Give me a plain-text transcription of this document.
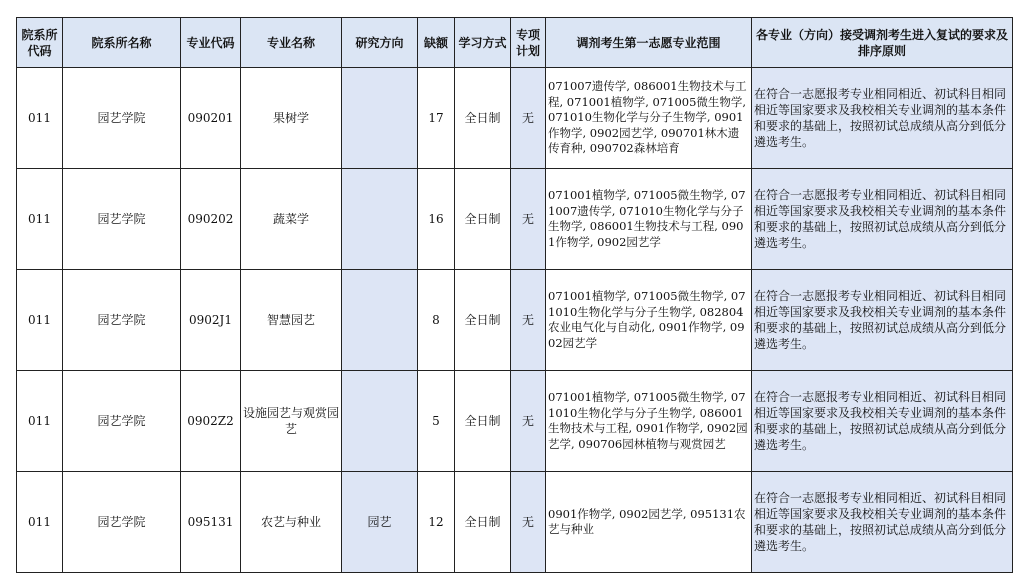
院系所代码	院系所名称	专业代码	专业名称	研究方向	缺额	学习方式	专项计划	调剂考生第一志愿专业范围	各专业（方向）接受调剂考生进入复试的要求及排序原则
011	园艺学院	090201	果树学		17	全日制	无	071007遗传学, 086001生物技术与工程, 071001植物学, 071005微生物学, 071010生物化学与分子生物学, 0901作物学, 0902园艺学, 090701林木遗传育种, 090702森林培育	在符合一志愿报考专业相同相近、初试科目相同相近等国家要求及我校相关专业调剂的基本条件和要求的基础上，按照初试总成绩从高分到低分遴选考生。
011	园艺学院	090202	蔬菜学		16	全日制	无	071001植物学, 071005微生物学, 071007遗传学, 071010生物化学与分子生物学, 086001生物技术与工程, 0901作物学, 0902园艺学	在符合一志愿报考专业相同相近、初试科目相同相近等国家要求及我校相关专业调剂的基本条件和要求的基础上，按照初试总成绩从高分到低分遴选考生。
011	园艺学院	0902J1	智慧园艺		8	全日制	无	071001植物学, 071005微生物学, 071010生物化学与分子生物学, 082804农业电气化与自动化, 0901作物学, 0902园艺学	在符合一志愿报考专业相同相近、初试科目相同相近等国家要求及我校相关专业调剂的基本条件和要求的基础上，按照初试总成绩从高分到低分遴选考生。
011	园艺学院	0902Z2	设施园艺与观赏园艺		5	全日制	无	071001植物学, 071005微生物学, 071010生物化学与分子生物学, 086001生物技术与工程, 0901作物学, 0902园艺学, 090706园林植物与观赏园艺	在符合一志愿报考专业相同相近、初试科目相同相近等国家要求及我校相关专业调剂的基本条件和要求的基础上，按照初试总成绩从高分到低分遴选考生。
011	园艺学院	095131	农艺与种业	园艺	12	全日制	无	0901作物学, 0902园艺学, 095131农艺与种业	在符合一志愿报考专业相同相近、初试科目相同相近等国家要求及我校相关专业调剂的基本条件和要求的基础上，按照初试总成绩从高分到低分遴选考生。
